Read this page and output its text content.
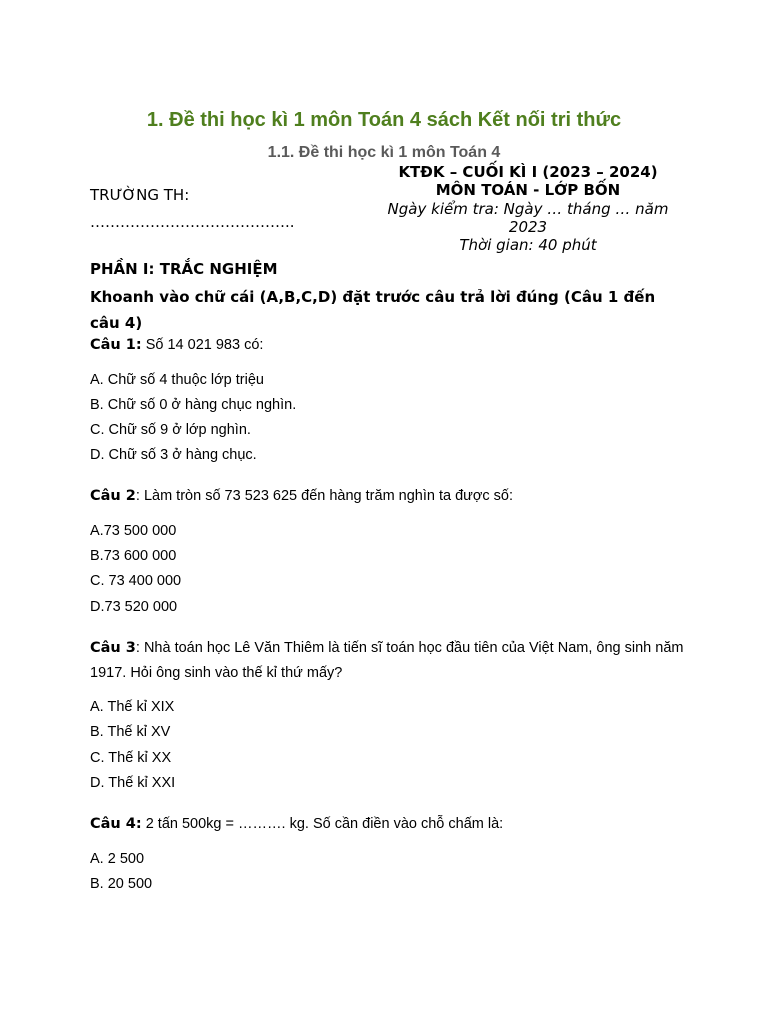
1. Đề thi học kì 1 môn Toán 4 sách Kết nối tri thức
1.1. Đề thi học kì 1 môn Toán 4
TRƯỜNG TH:
…………………………………..
KTĐK – CUỐI KÌ I (2023 – 2024)
MÔN TOÁN - LỚP BỐN
Ngày kiểm tra: Ngày … tháng … năm 2023
Thời gian: 40 phút
PHẦN I: TRẮC NGHIỆM
Khoanh vào chữ cái (A,B,C,D) đặt trước câu trả lời đúng (Câu 1 đến câu 4)
Câu 1: Số 14 021 983 có:
A. Chữ số 4 thuộc lớp triệu
B. Chữ số 0 ở hàng chục nghìn.
C. Chữ số 9 ở lớp nghìn.
D. Chữ số 3 ở hàng chục.
Câu 2: Làm tròn số 73 523 625 đến hàng trăm nghìn ta được số:
A.73 500 000
B.73 600 000
C. 73 400 000
D.73 520 000
Câu 3: Nhà toán học Lê Văn Thiêm là tiến sĩ toán học đầu tiên của Việt Nam, ông sinh năm 1917. Hỏi ông sinh vào thế kỉ thứ mấy?
A. Thế kỉ XIX
B. Thế kỉ XV
C. Thế kỉ XX
D. Thế kỉ XXI
Câu 4: 2 tấn 500kg = ………. kg. Số cần điền vào chỗ chấm là:
A. 2 500
B. 20 500
